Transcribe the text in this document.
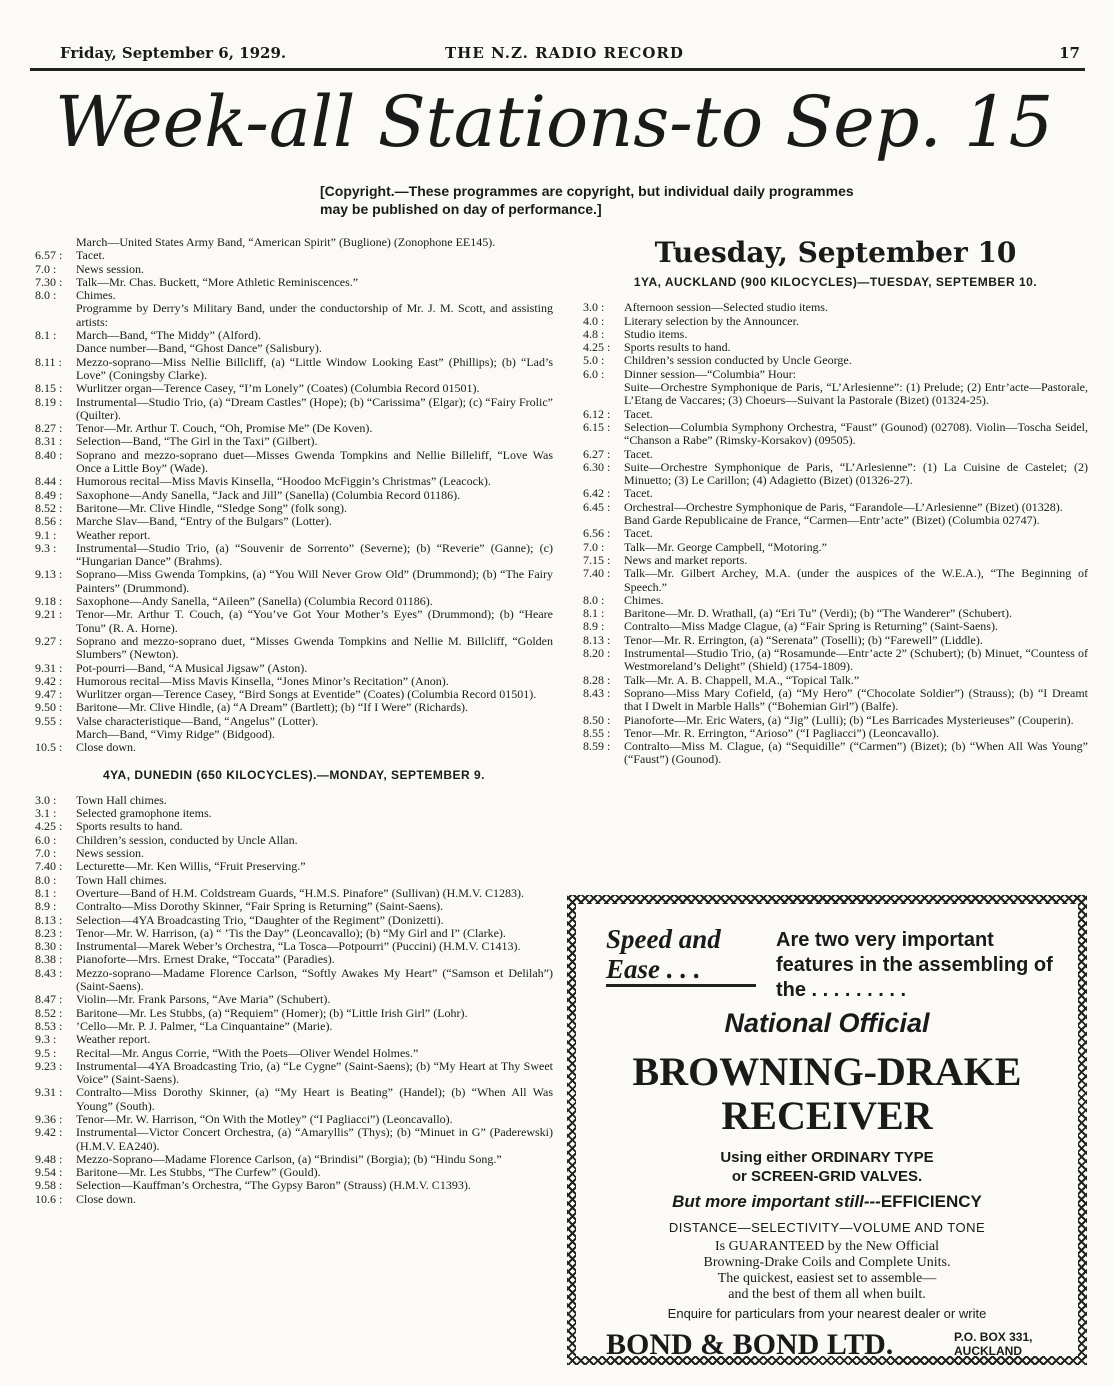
Friday, September 6, 1929.	THE N.Z. RADIO RECORD	17
Week-all Stations-to Sep. 15
[Copyright.—These programmes are copyright, but individual daily programmes may be published on day of performance.]
March—United States Army Band, “American Spirit” (Buglione) (Zonophone EE145).
6.57 :	Tacet.
7.0 :	News session.
7.30 :	Talk—Mr. Chas. Buckett, “More Athletic Reminiscences.”
8.0 :	Chimes.
Programme by Derry’s Military Band, under the conductorship of Mr. J. M. Scott, and assisting artists:
8.1 :	March—Band, “The Middy” (Alford).
Dance number—Band, “Ghost Dance” (Salisbury).
8.11 :	Mezzo-soprano—Miss Nellie Billcliff, (a) “Little Window Looking East” (Phillips); (b) “Lad’s Love” (Coningsby Clarke).
8.15 :	Wurlitzer organ—Terence Casey, “I’m Lonely” (Coates) (Columbia Record 01501).
8.19 :	Instrumental—Studio Trio, (a) “Dream Castles” (Hope); (b) “Carissima” (Elgar); (c) “Fairy Frolic” (Quilter).
8.27 :	Tenor—Mr. Arthur T. Couch, “Oh, Promise Me” (De Koven).
8.31 :	Selection—Band, “The Girl in the Taxi” (Gilbert).
8.40 :	Soprano and mezzo-soprano duet—Misses Gwenda Tompkins and Nellie Billeliff, “Love Was Once a Little Boy” (Wade).
8.44 :	Humorous recital—Miss Mavis Kinsella, “Hoodoo McFiggin’s Christmas” (Leacock).
8.49 :	Saxophone—Andy Sanella, “Jack and Jill” (Sanella) (Columbia Record 01186).
8.52 :	Baritone—Mr. Clive Hindle, “Sledge Song” (folk song).
8.56 :	Marche Slav—Band, “Entry of the Bulgars” (Lotter).
9.1 :	Weather report.
9.3 :	Instrumental—Studio Trio, (a) “Souvenir de Sorrento” (Severne); (b) “Reverie” (Ganne); (c) “Hungarian Dance” (Brahms).
9.13 :	Soprano—Miss Gwenda Tompkins, (a) “You Will Never Grow Old” (Drummond); (b) “The Fairy Painters” (Drummond).
9.18 :	Saxophone—Andy Sanella, “Aileen” (Sanella) (Columbia Record 01186).
9.21 :	Tenor—Mr. Arthur T. Couch, (a) “You’ve Got Your Mother’s Eyes” (Drummond); (b) “Heare Tonu” (R. A. Horne).
9.27 :	Soprano and mezzo-soprano duet, “Misses Gwenda Tompkins and Nellie M. Billcliff, “Golden Slumbers” (Newton).
9.31 :	Pot-pourri—Band, “A Musical Jigsaw” (Aston).
9.42 :	Humorous recital—Miss Mavis Kinsella, “Jones Minor’s Recitation” (Anon).
9.47 :	Wurlitzer organ—Terence Casey, “Bird Songs at Eventide” (Coates) (Columbia Record 01501).
9.50 :	Baritone—Mr. Clive Hindle, (a) “A Dream” (Bartlett); (b) “If I Were” (Richards).
9.55 :	Valse characteristique—Band, “Angelus” (Lotter).
March—Band, “Vimy Ridge” (Bidgood).
10.5 :	Close down.
4YA, DUNEDIN (650 KILOCYCLES).—MONDAY, SEPTEMBER 9.
3.0 :	Town Hall chimes.
3.1 :	Selected gramophone items.
4.25 :	Sports results to hand.
6.0 :	Children’s session, conducted by Uncle Allan.
7.0 :	News session.
7.40 :	Lecturette—Mr. Ken Willis, “Fruit Preserving.”
8.0 :	Town Hall chimes.
8.1 :	Overture—Band of H.M. Coldstream Guards, “H.M.S. Pinafore” (Sullivan) (H.M.V. C1283).
8.9 :	Contralto—Miss Dorothy Skinner, “Fair Spring is Returning” (Saint-Saens).
8.13 :	Selection—4YA Broadcasting Trio, “Daughter of the Regiment” (Donizetti).
8.23 :	Tenor—Mr. W. Harrison, (a) “ ’Tis the Day” (Leoncavallo); (b) “My Girl and I” (Clarke).
8.30 :	Instrumental—Marek Weber’s Orchestra, “La Tosca—Potpourri” (Puccini) (H.M.V. C1413).
8.38 :	Pianoforte—Mrs. Ernest Drake, “Toccata” (Paradies).
8.43 :	Mezzo-soprano—Madame Florence Carlson, “Softly Awakes My Heart” (“Samson et Delilah”) (Saint-Saens).
8.47 :	Violin—Mr. Frank Parsons, “Ave Maria” (Schubert).
8.52 :	Baritone—Mr. Les Stubbs, (a) “Requiem” (Homer); (b) “Little Irish Girl” (Lohr).
8.53 :	’Cello—Mr. P. J. Palmer, “La Cinquantaine” (Marie).
9.3 :	Weather report.
9.5 :	Recital—Mr. Angus Corrie, “With the Poets—Oliver Wendel Holmes.”
9.23 :	Instrumental—4YA Broadcasting Trio, (a) “Le Cygne” (Saint-Saens); (b) “My Heart at Thy Sweet Voice” (Saint-Saens).
9.31 :	Contralto—Miss Dorothy Skinner, (a) “My Heart is Beating” (Handel); (b) “When All Was Young” (South).
9.36 :	Tenor—Mr. W. Harrison, “On With the Motley” (“I Pagliacci”) (Leoncavallo).
9.42 :	Instrumental—Victor Concert Orchestra, (a) “Amaryllis” (Thys); (b) “Minuet in G” (Paderewski) (H.M.V. EA240).
9.48 :	Mezzo-Soprano—Madame Florence Carlson, (a) “Brindisi” (Borgia); (b) “Hindu Song.”
9.54 :	Baritone—Mr. Les Stubbs, “The Curfew” (Gould).
9.58 :	Selection—Kauffman’s Orchestra, “The Gypsy Baron” (Strauss) (H.M.V. C1393).
10.6 :	Close down.
Tuesday, September 10
1YA, AUCKLAND (900 KILOCYCLES)—TUESDAY, SEPTEMBER 10.
3.0 :	Afternoon session—Selected studio items.
4.0 :	Literary selection by the Announcer.
4.8 :	Studio items.
4.25 :	Sports results to hand.
5.0 :	Children’s session conducted by Uncle George.
6.0 :	Dinner session—“Columbia” Hour:
Suite—Orchestre Symphonique de Paris, “L’Arlesienne”: (1) Prelude; (2) Entr’acte—Pastorale, L’Etang de Vaccares; (3) Choeurs—Suivant la Pastorale (Bizet) (01324-25).
6.12 :	Tacet.
6.15 :	Selection—Columbia Symphony Orchestra, “Faust” (Gounod) (02708). Violin—Toscha Seidel, “Chanson a Rabe” (Rimsky-Korsakov) (09505).
6.27 :	Tacet.
6.30 :	Suite—Orchestre Symphonique de Paris, “L’Arlesienne”: (1) La Cuisine de Castelet; (2) Minuetto; (3) Le Carillon; (4) Adagietto (Bizet) (01326-27).
6.42 :	Tacet.
6.45 :	Orchestral—Orchestre Symphonique de Paris, “Farandole—L’Arlesienne” (Bizet) (01328).
Band Garde Republicaine de France, “Carmen—Entr’acte” (Bizet) (Columbia 02747).
6.56 :	Tacet.
7.0 :	Talk—Mr. George Campbell, “Motoring.”
7.15 :	News and market reports.
7.40 :	Talk—Mr. Gilbert Archey, M.A. (under the auspices of the W.E.A.), “The Beginning of Speech.”
8.0 :	Chimes.
8.1 :	Baritone—Mr. D. Wrathall, (a) “Eri Tu” (Verdi); (b) “The Wanderer” (Schubert).
8.9 :	Contralto—Miss Madge Clague, (a) “Fair Spring is Returning” (Saint-Saens).
8.13 :	Tenor—Mr. R. Errington, (a) “Serenata” (Toselli); (b) “Farewell” (Liddle).
8.20 :	Instrumental—Studio Trio, (a) “Rosamunde—Entr’acte 2” (Schubert); (b) Minuet, “Countess of Westmoreland’s Delight” (Shield) (1754-1809).
8.28 :	Talk—Mr. A. B. Chappell, M.A., “Topical Talk.”
8.43 :	Soprano—Miss Mary Cofield, (a) “My Hero” (“Chocolate Soldier”) (Strauss); (b) “I Dreamt that I Dwelt in Marble Halls” (“Bohemian Girl”) (Balfe).
8.50 :	Pianoforte—Mr. Eric Waters, (a) “Jig” (Lulli); (b) “Les Barricades Mysterieuses” (Couperin).
8.55 :	Tenor—Mr. R. Errington, “Arioso” (“I Pagliacci”) (Leoncavallo).
8.59 :	Contralto—Miss M. Clague, (a) “Sequidille” (“Carmen”) (Bizet); (b) “When All Was Young” (“Faust”) (Gounod).
Speed and
Ease . . .
Are two very important features in the assembling of the . . . . . . . . .
National Official
BROWNING-DRAKE
RECEIVER
Using either ORDINARY TYPE
or SCREEN-GRID VALVES.
But more important still---EFFICIENCY
DISTANCE—SELECTIVITY—VOLUME AND TONE
Is GUARANTEED by the New Official
Browning-Drake Coils and Complete Units.
The quickest, easiest set to assemble—
and the best of them all when built.
Enquire for particulars from your nearest dealer or write
BOND & BOND LTD.	P.O. BOX 331,
AUCKLAND
